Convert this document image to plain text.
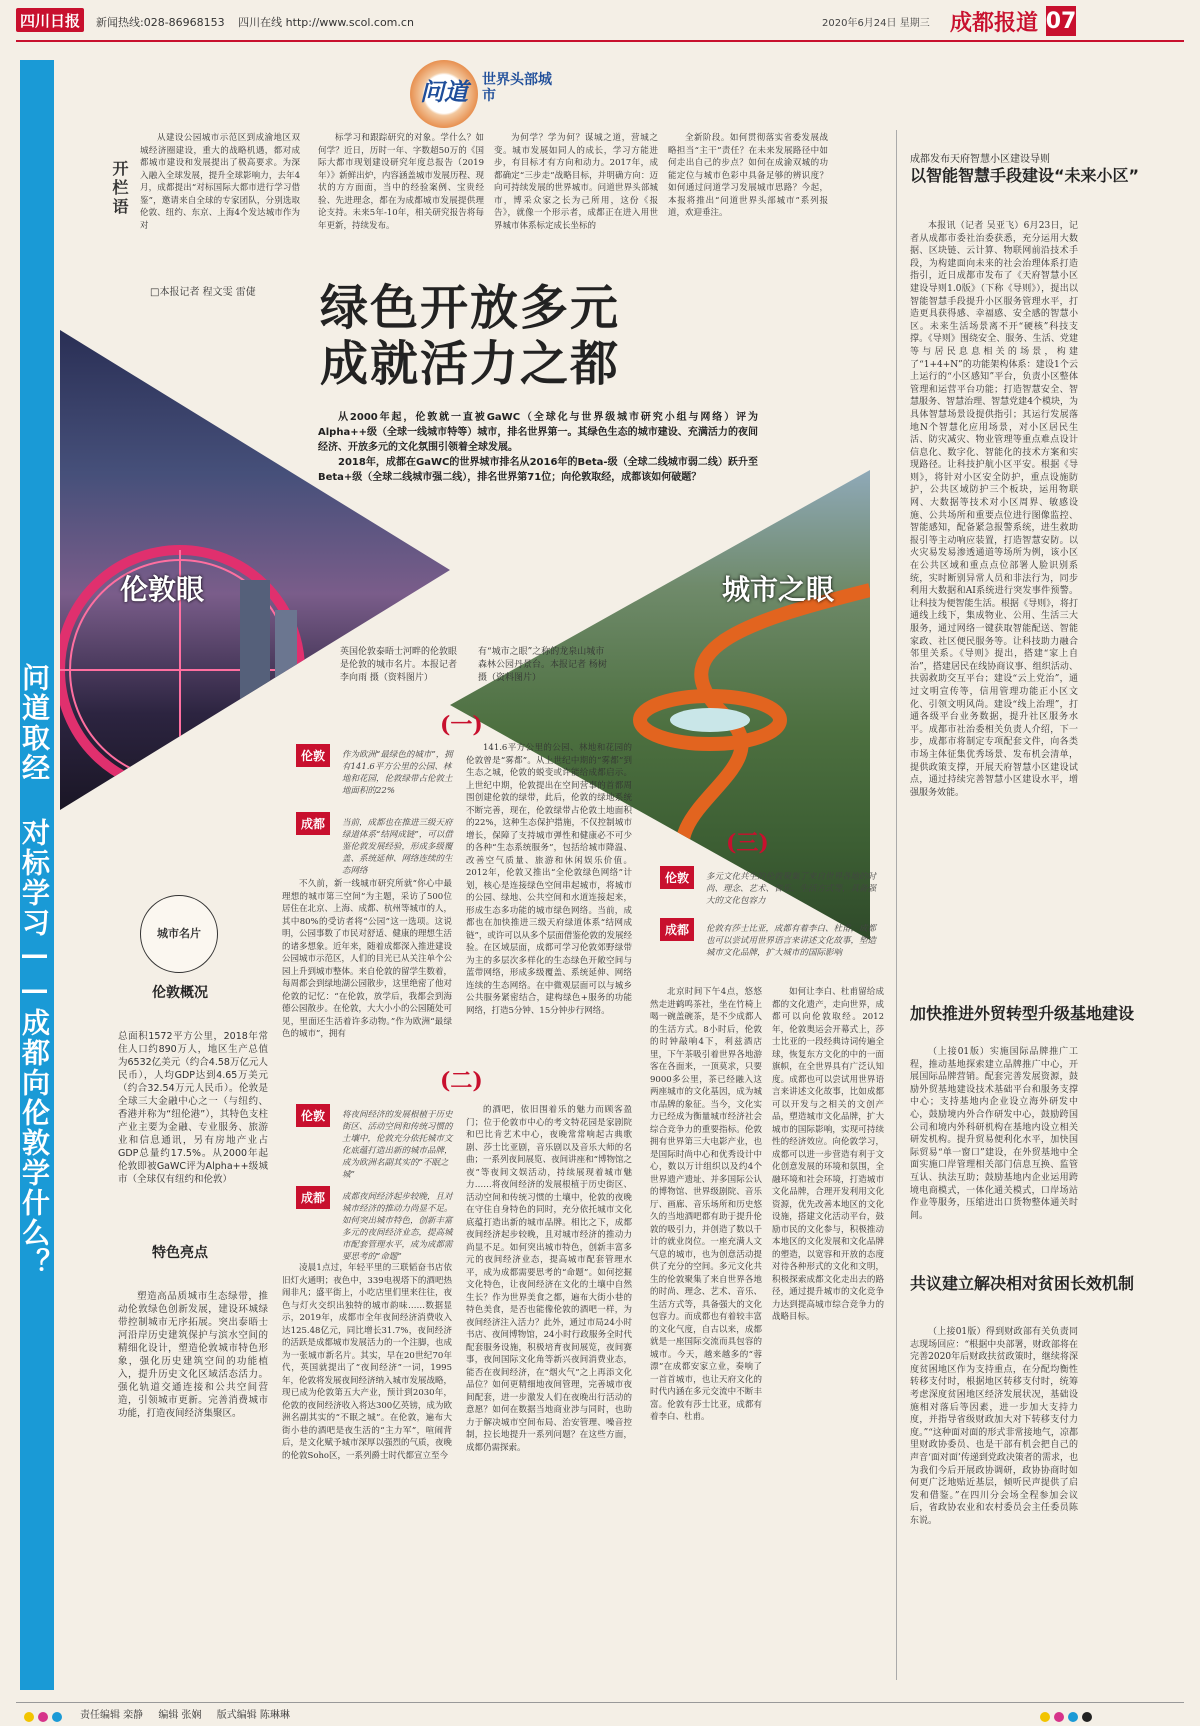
四川日报	新闻热线:028-86968153 四川在线 http://www.scol.com.cn	2020年6月24日 星期三 成都报道 07
问道取经 对标学习——成都向伦敦学什么？
问道 世界头部城市
开栏语

从建设公园城市示范区到成渝地区双城经济圈建设，重大的战略机遇，都对成都城市建设和发展提出了极高要求。为深入融入全球发展，提升全球影响力，去年4月，成都提出“对标国际大都市进行学习借鉴”，邀请来自全球的专家团队，分别选取伦敦、纽约、东京、上海4个发达城市作为对

标学习和跟踪研究的对象。学什么？如何学？近日，历时一年、字数超50万的《国际大都市现划建设研究年度总报告（2019年）》新鲜出炉，内容涵盖城市发展历程、现状的方方面面，当中的经验案例、宝贵经验、先进理念，都在为成都城市发展提供理论支持。未来5年-10年，相关研究报告将每年更新，持续发布。

为何学？学为何？谋城之道，营城之变。城市发展如同人的成长，学习方能进步，有目标才有方向和动力。2017年，成都确定“三步走”战略目标，并明确方向：迈向可持续发展的世界城市。问道世界头部城市，博采众家之长为己所用，这份《报告》，就像一个形示者，成都正在进入用世界城市体系标定成长坐标的

全新阶段。如何贯彻落实省委发展战略担当“主干”责任？在未来发展路径中如何走出自己的步点？如何在成渝双城的功能定位与城市色彩中具备足够的辨识度？如何通过问道学习发展城市思路？今起，本报将推出“问道世界头部城市”系列报道，欢迎垂注。

□本报记者 程文雯 雷倢 绿色开放多元
成就活力之都

从2000年起，伦敦就一直被GaWC（全球化与世界级城市研究小组与网络）评为Alpha++级（全球一线城市特等）城市，排名世界第一。其绿色生态的城市建设、充满活力的夜间经济、开放多元的文化氛围引领着全球发展。

2018年，成都在GaWC的世界城市排名从2016年的Beta-级（全球二线城市弱二线）跃升至Beta+级（全球二线城市强二线），排名世界第71位；向伦敦取经，成都该如何破题？

伦敦眼	城市之眼
英国伦敦泰晤士河畔的伦敦眼是伦敦的城市名片。本报记者 李向雨 摄（资料图片）
有“城市之眼”之称的龙泉山城市森林公园丹景台。本报记者 杨树 摄（资料图片）
(一)
伦敦	作为欧洲“最绿色的城市”，拥有141.6平方公里的公园、林地和花园，伦敦绿带占伦敦土地面积的22%
成都	当前，成都也在推进三级天府绿道体系“结网成链”，可以借鉴伦敦发展经验，形成多级覆盖、系统延伸、网络连续的生态网络

不久前，新一线城市研究所就“你心中最理想的城市第三空间”为主题，采访了500位居住在北京、上海、成都、杭州等城市的人，其中80%的受访者将“公园”这一选项。这说明，公园事数了市民对舒适、健康的理想生活的诸多想象。近年来，随着成都深入推进建设公园城市示范区，人们的目光已从关注单个公园上升到城市整体。来自伦敦的留学生数着，每周都会到绿地湖公园散步，这里绝密了他对伦敦的记忆：“在伦敦，放学后，我都会到海德公园散步。在伦敦，大大小小的公园随处可见，里面还生活着许多动物。”作为欧洲“最绿色的城市”，拥有

141.6平方公里的公园、林地和花园的伦敦曾是“雾都”。从上世纪中期的“雾都”到生态之城，伦敦的蜕变或许能给成都启示。上世纪中期，伦敦提出在空间营事的首都周围创建伦敦的绿带，此后，伦敦的绿地系统不断完善，现在，伦敦绿带占伦敦土地面积的22%，这种生态保护措施，不仅控制城市增长，保障了支持城市弹性和健康必不可少的各种“生态系统服务”，包括给城市降温、改善空气质量、旅游和休闲娱乐价值。2012年，伦敦又推出“全伦敦绿色网络”计划，核心是连接绿色空间串起城市，将城市的公园、绿地、公共空间和水道连接起来，形成生态多功能的城市绿色网络。当前，成都也在加快推进三级天府绿道体系“结网成链”，或许可以从多个层面借鉴伦敦的发展经验。在区域层面，成都可学习伦敦郊野绿带为主的多层次多样化的生态绿色开敞空间与蓝带网络，形成多级覆盖、系统延伸、网络连续的生态网络。在中微观层面可以与城乡公共服务紧密结合，建构绿色+服务的功能网络，打造5分钟、15分钟步行网络。

(二)
伦敦	将夜间经济的发展根植于历史街区、活动空间和传统习惯的土壤中，伦敦充分依托城市文化底蕴打造出新的城市品牌，成为欧洲名副其实的“不眠之城”
成都	成都夜间经济起步较晚，且对城市经济的推动力尚显不足。如何突出城市特色，创新丰富多元的夜间经济业态，提高城市配套管理水平，成为成都需要思考的“命题”

凌晨1点过，年轻平里的三联韬奋书店依旧灯火通明；夜色中，339电视塔下的酒吧热闹非凡；盛平街上，小吃店里们里来往往，夜色与灯火交织出独特的城市韵味……数据显示，2019年，成都市全年夜间经济消费收入达125.48亿元，同比增长31.7%，夜间经济的活跃是成都城市发展活力的一个注脚，也成为一张城市新名片。其实，早在20世纪70年代，英国就提出了“夜间经济”一词，1995年，伦敦将发展夜间经济纳入城市发展战略，现已成为伦敦第五大产业，预计到2030年，伦敦的夜间经济收入将达300亿英镑，成为欧洲名副其实的“不眠之城”。在伦敦，遍布大街小巷的酒吧是夜生活的“主力军”，喧闹背后，是文化赋予城市深厚以强烈的气质，夜晚的伦敦Soho区，一系列爵士时代都宣立至今

的酒吧，依旧围着乐的魅力而顾客盈门；位于伦敦市中心的考文特花园是家剧院和巴比肯艺术中心，夜晚常常响起古典歌剧、莎士比亚剧，音乐剧以及音乐大师的名曲；一系列夜间展览、夜间讲座和“博物馆之夜”等夜间文娱活动，持续展现着城市魅力……将夜间经济的发展根植于历史街区、活动空间和传统习惯的土壤中，伦敦的夜晚在守住自身特色的同时，充分依托城市文化底蕴打造出新的城市品牌。相比之下，成都夜间经济起步较晚，且对城市经济的推动力尚显不足。如何突出城市特色，创新丰富多元的夜间经济业态，提高城市配套管理水平，成为成都需要思考的“命题”。如何挖掘文化特色，让夜间经济在文化的土壤中自然生长？作为世界美食之都，遍布大街小巷的特色美食，是否也能像伦敦的酒吧一样，为夜间经济注入活力？此外，通过市局24小时书店、夜间博物馆，24小时行政服务全时代配套服务设施，积极培育夜间展览，夜间赛事，夜间国际文化角等新兴夜间消费业态，能否在夜间经济，在“烟火气”之上再添文化品位？如何更精细地夜间管理，完善城市夜间配套，进一步激发人们在夜晚出行活动的意愿？如何在数据当地商业涉与同时，也助力于解决城市空间布局、治安管理、噪音控制，拉长地提升一系列问题？在这些方面，成都仍需探索。

(三)
伦敦	多元文化共生的伦敦聚集了来自世界各地的时尚、理念、艺术、音乐、生活方式等，具备强大的文化包容力
成都	伦敦有莎士比亚，成都有着李白、杜甫，成都也可以尝试用世界语言来讲述文化故事，塑造城市文化品牌，扩大城市的国际影响

北京时间下午4点，悠悠然走进鹤鸣茶社，坐在竹椅上喝一碗盖碗茶，是不少成都人的生活方式。8小时后，伦敦的时钟敲响4下，利兹酒店里，下午茶吸引着世界各地游客在各面来，一顶莫求，只要9000多公里，茶已经融入这两座城市的文化基因，成为城市品牌的象征。当今，文化实力已经成为衡量城市经济社会综合竞争力的重要指标。伦敦拥有世界第三大电影产业，也是国际时尚中心和优秀设计中心，数以万计组织以及约4个世界遗产遗址、并多国际公认的博物馆、世界级剧院、音乐厅、画廊、音乐场所和历史悠久的当地酒吧都有助于提升伦敦的吸引力，并创造了数以千计的就业岗位。一座充满人文气息的城市，也为创意活动提供了充分的空间。多元文化共生的伦敦聚集了来自世界各地的时尚、理念、艺术、音乐、生活方式等，具备强大的文化包容力。而成都也有着较丰富的文化气度，自古以来，成都就是一座国际交流而具包容的城市。今天，越来越多的“蓉漂”在成都安家立业，奏响了一首首城市，也让天府文化的时代内涵在多元交流中不断丰富。伦敦有莎士比亚，成都有着李白、杜甫。

如何让李白、杜甫留给成都的文化遗产，走向世界，成都可以向伦敦取经。2012年，伦敦奥运会开幕式上，莎士比亚的一段经典诗词传遍全球，恢复东方文化的中的一面旗帜，在全世界具有广泛认知度。成都也可以尝试用世界语言来讲述文化故事，比如成都可以开发与之相关的文创产品，塑造城市文化品牌，扩大城市的国际影响，实现可持续性的经济效应。向伦敦学习，成都可以进一步营造有利于文化创意发展的环境和氛围，全融环境和社会环境，打造城市文化品牌，合理开发利用文化资源，优先改善本地区的文化设施，搭建文化活动平台，鼓励市民的文化参与，积极推动本地区的文化发展和文化品牌的塑造，以宽容和开放的态度对待各种形式的文化和文明，积极探索成都文化走出去的路径，通过提升城市的文化竞争力达到提高城市综合竞争力的战略目标。

城市名片
伦敦概况

总面积1572平方公里，2018年常住人口约890万人，地区生产总值为6532亿美元（约合4.58万亿元人民币），人均GDP达到4.65万美元（约合32.54万元人民币）。伦敦是全球三大金融中心之一（与纽约、香港并称为“纽伦港”），其特色支柱产业主要为金融、专业服务、旅游业和信息通讯，另有房地产业占GDP总量约17.5%。从2000年起伦敦即被GaWC评为Alpha++级城市（全球仅有纽约和伦敦）

特色亮点

塑造高品质城市生态绿带，推动伦敦绿色创新发展，建设环城绿带控制城市无序拓展。突出泰晤士河沿岸历史建筑保护与滨水空间的精细化设计，塑造伦敦城市特色形象，强化历史建筑空间的功能植入，提升历史文化区域活态活力。强化轨道交通连接和公共空间营造，引领城市更新。完善消费城市功能，打造夜间经济集聚区。

成都发布天府智慧小区建设导则
以智能智慧手段建设“未来小区”

本报讯（记者 吴亚飞）6月23日，记者从成都市委社治委获悉，充分运用大数据、区块链、云计算、物联网前沿技术手段，为构建面向未来的社会治理体系打造指引，近日成都市发布了《天府智慧小区建设导则1.0版》（下称《导则》），提出以智能智慧手段提升小区服务管理水平，打造更具获得感、幸福感、安全感的智慧小区。未来生活场景离不开“硬核”科技支撑。《导则》围绕安全、服务、生活、党建等与居民息息相关的场景，构建了“1+4+N”的功能架构体系：建设1个云上运行的“小区感知”平台，负责小区整体管理和运营平台功能；打造智慧安全、智慧服务、智慧治理、智慧党建4个模块，为具体智慧场景设提供指引；其运行发展落地N个智慧化应用场景，对小区居民生活、防灾减灾、物业管理等重点难点设计信息化、数字化、智能化的技术方案和实现路径。让科技护航小区平安。根据《导则》，将针对小区安全防护，重点设施防护，公共区域防护三个板块，运用物联网、大数据等技术对小区周界、敏感设施、公共场所和重要点位进行图像监控、智能感知，配备紧急报警系统，进生救助报引等主动响应装置，打造智慧安防。以火灾易发易渗透通道等场所为例，该小区在公共区域和重点点位部署人脸识别系统，实时断别异常人员和非法行为，同步利用大数据和AI系统进行突发事件预警。让科技为便智能生活。根据《导则》，将打通线上线下，集成物业、公用、生活三大服务，通过网络一键获取智能配送、智能家政、社区便民服务等。让科技助力融合邻里关系。《导则》提出，搭建“家上自治”，搭建居民在线协商议事、组织活动、扶弱救助交互平台；建设“云上党治”，通过文明宣传等，信用管理功能正小区文化、引领文明风尚。建设“线上治理”，打通各级平台业务数据，提升社区服务水平。成都市社治委相关负责人介绍，下一步，成都市将制定专项配套文件，向各类市场主体征集优秀场景、发布机会清单，提供政策支撑，开展天府智慧小区建设试点，通过持续完善智慧小区建设水平，增强服务效能。

加快推进外贸转型升级基地建设

（上接01版）实施国际品牌推广工程，推动基地探索建立品牌推广中心，开展国际品牌营销。配套完善发展资源，鼓励外贸基地建设技术基础平台和服务支撑中心；支持基地内企业设立海外研发中心，鼓励境内外合作研发中心，鼓励跨国公司和境内外科研机构在基地内设立相关研发机构。提升贸易便利化水平，加快国际贸易“单一窗口”建设，在外贸基地中全面实施口岸管理相关部门信息互换、监管互认、执法互助；鼓励基地内企业运用跨境电商模式，一体化通关模式，口岸场站作业等服务，压缩进出口货物整体通关时间。

共议建立解决相对贫困长效机制

（上接01版）得到财政部有关负责同志现场回应：“根据中央部署，财政部将在完善2020年后财政扶贫政策时，继续将深度贫困地区作为支持重点，在分配均衡性转移支付时，根据地区转移支付时，统筹考虑深度贫困地区经济发展状况，基础设施相对落后等因素，进一步加大支持力度，并指导省级财政加大对下转移支付力度。”“这种面对面的形式非常接地气，凉都里财政协委员、也是干部有机会把自己的声音‘面对面’传递到党政决策者的需求，也为我们今后开展政协调研，政协协商时如何更广泛地贴近基层，倾听民声提供了启发和借鉴。”在四川分会场全程参加会议后，省政协农业和农村委员会主任委员陈东说。

责任编辑 栾静 编辑 张娴 版式编辑 陈琳琳
